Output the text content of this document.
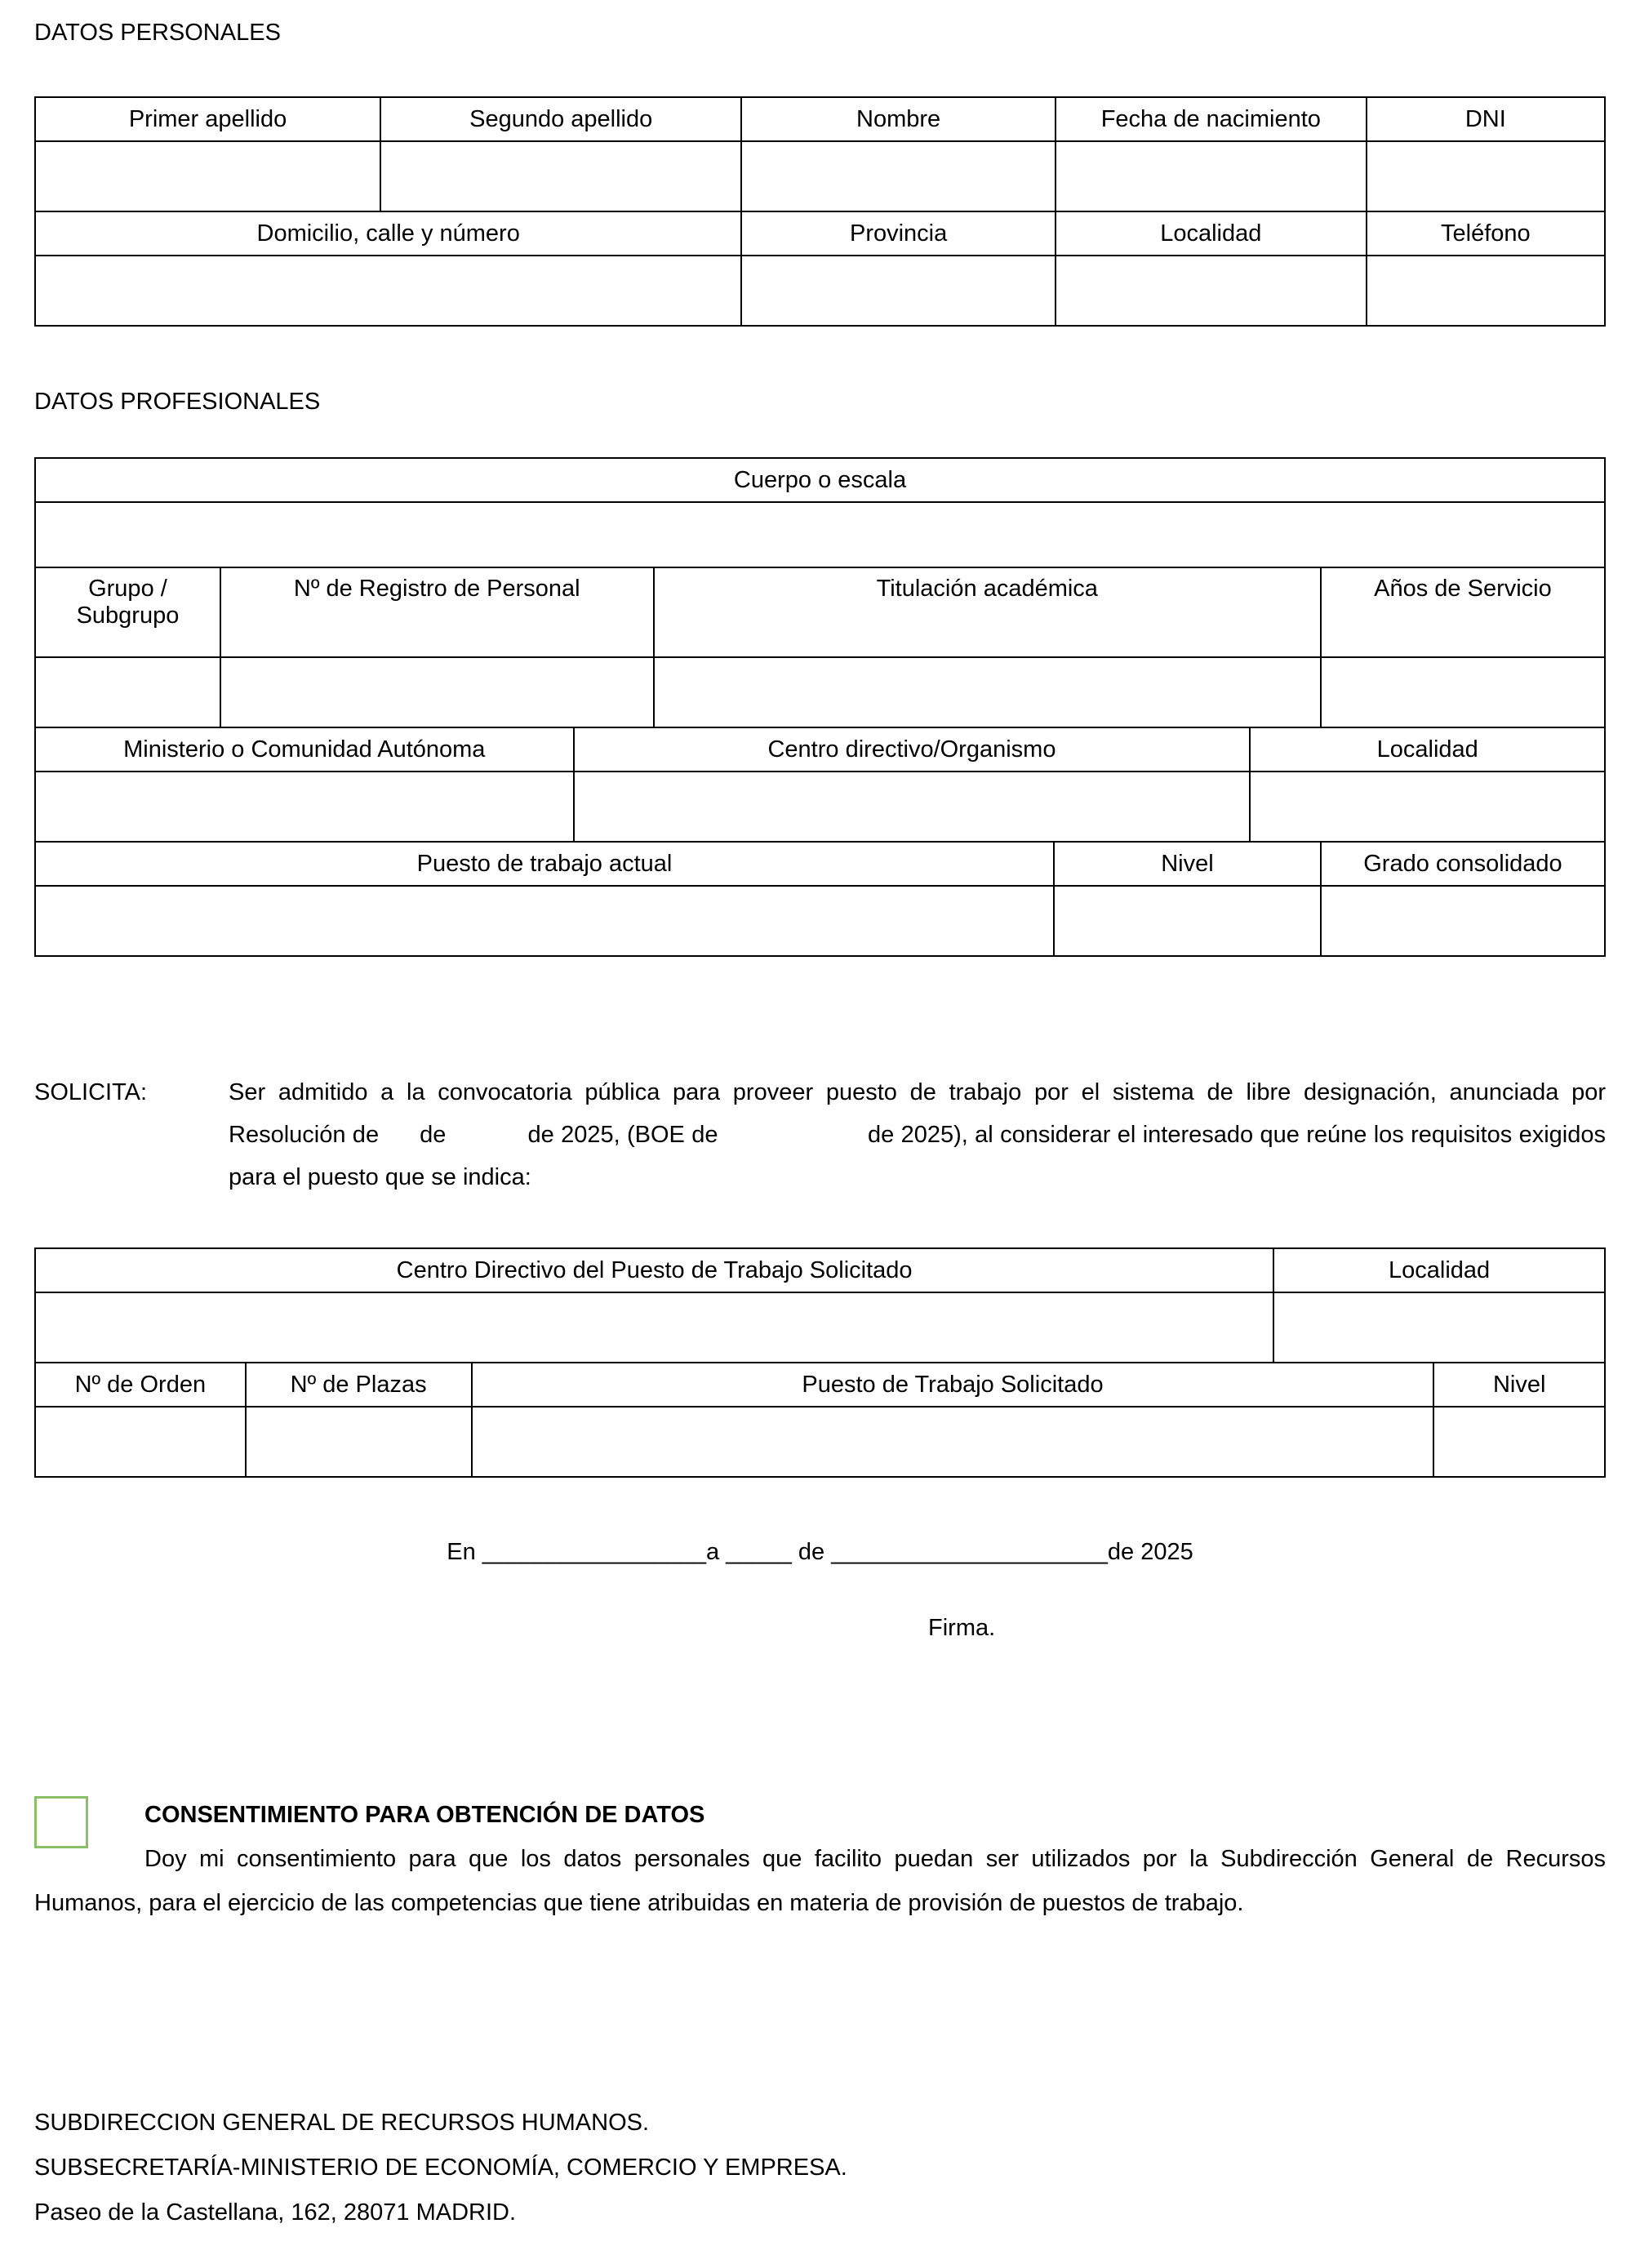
DATOS PERSONALES
Primer apellido	Segundo apellido	Nombre	Fecha de nacimiento	DNI

Domicilio, calle y número		Provincia	Localidad	Teléfono

DATOS PROFESIONALES
Cuerpo o escala

Grupo / Subgrupo	Nº de Registro de Personal	Titulación académica	Años de Servicio

Ministerio o Comunidad Autónoma	Centro directivo/Organismo	Localidad

Puesto de trabajo actual	Nivel	Grado consolidado

SOLICITA:	Ser admitido a la convocatoria pública para proveer puesto de trabajo por el sistema de libre designación, anunciada por Resolución de      de            de 2025, (BOE de                      de 2025), al considerar el interesado que reúne los requisitos exigidos para el puesto que se indica:
Centro Directivo del Puesto de Trabajo Solicitado	Localidad

Nº de Orden	Nº de Plazas	Puesto de Trabajo Solicitado	Nivel

En _________________a _____ de _____________________de 2025
Firma.
CONSENTIMIENTO PARA OBTENCIÓN DE DATOS
Doy mi consentimiento para que los datos personales que facilito puedan ser utilizados por la Subdirección General de Recursos Humanos, para el ejercicio de las competencias que tiene atribuidas en materia de provisión de puestos de trabajo.
SUBDIRECCION GENERAL DE RECURSOS HUMANOS.
SUBSECRETARÍA-MINISTERIO DE ECONOMÍA, COMERCIO Y EMPRESA.
Paseo de la Castellana, 162, 28071 MADRID.
